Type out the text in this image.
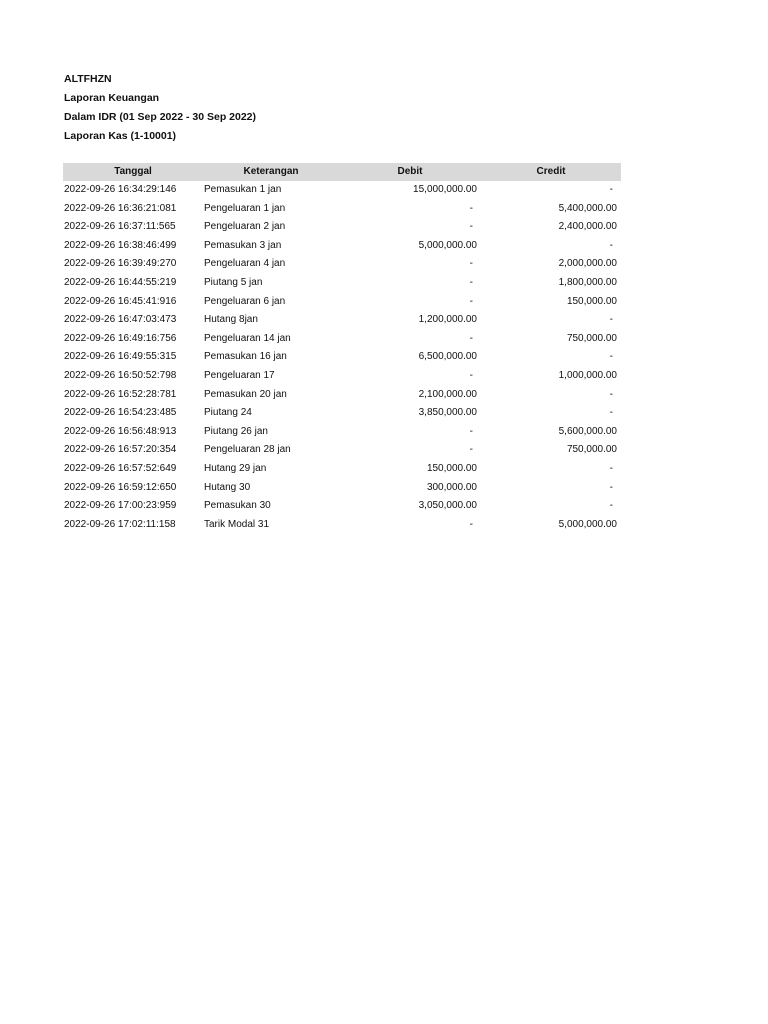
ALTFHZN
Laporan Keuangan
Dalam IDR (01 Sep 2022 - 30 Sep 2022)
Laporan Kas (1-10001)
Tanggal	Keterangan	Debit	Credit
2022-09-26 16:34:29:146	Pemasukan 1 jan	15,000,000.00	-
2022-09-26 16:36:21:081	Pengeluaran 1 jan	-	5,400,000.00
2022-09-26 16:37:11:565	Pengeluaran 2 jan	-	2,400,000.00
2022-09-26 16:38:46:499	Pemasukan 3 jan	5,000,000.00	-
2022-09-26 16:39:49:270	Pengeluaran 4 jan	-	2,000,000.00
2022-09-26 16:44:55:219	Piutang 5 jan	-	1,800,000.00
2022-09-26 16:45:41:916	Pengeluaran 6 jan	-	150,000.00
2022-09-26 16:47:03:473	Hutang 8jan	1,200,000.00	-
2022-09-26 16:49:16:756	Pengeluaran 14 jan	-	750,000.00
2022-09-26 16:49:55:315	Pemasukan 16 jan	6,500,000.00	-
2022-09-26 16:50:52:798	Pengeluaran 17	-	1,000,000.00
2022-09-26 16:52:28:781	Pemasukan 20 jan	2,100,000.00	-
2022-09-26 16:54:23:485	Piutang 24	3,850,000.00	-
2022-09-26 16:56:48:913	Piutang 26 jan	-	5,600,000.00
2022-09-26 16:57:20:354	Pengeluaran 28 jan	-	750,000.00
2022-09-26 16:57:52:649	Hutang 29 jan	150,000.00	-
2022-09-26 16:59:12:650	Hutang 30	300,000.00	-
2022-09-26 17:00:23:959	Pemasukan 30	3,050,000.00	-
2022-09-26 17:02:11:158	Tarik Modal 31	-	5,000,000.00
